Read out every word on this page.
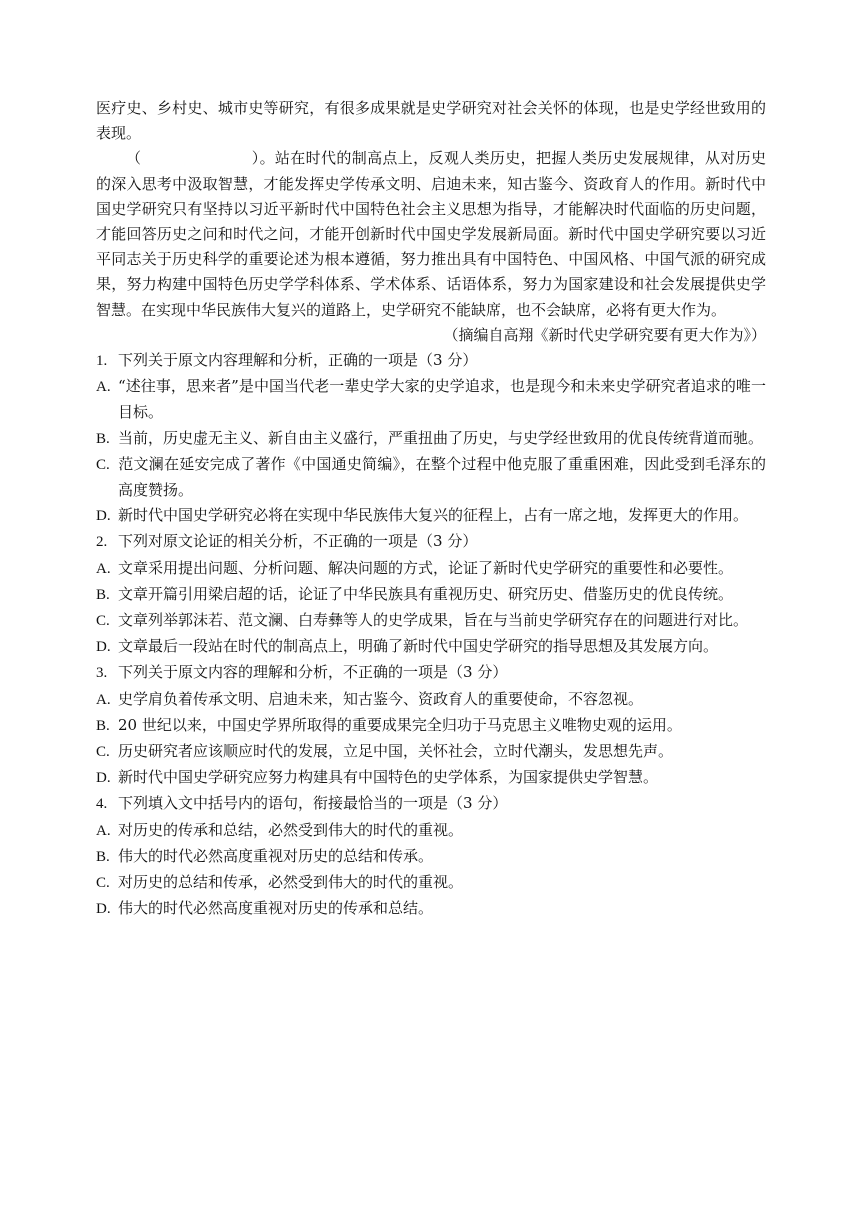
医疗史、乡村史、城市史等研究，有很多成果就是史学研究对社会关怀的体现，也是史学经世致用的表现。

（	）。站在时代的制高点上，反观人类历史，把握人类历史发展规律，从对历史的深入思考中汲取智慧，才能发挥史学传承文明、启迪未来，知古鉴今、资政育人的作用。新时代中国史学研究只有坚持以习近平新时代中国特色社会主义思想为指导，才能解决时代面临的历史问题，才能回答历史之问和时代之问，才能开创新时代中国史学发展新局面。新时代中国史学研究要以习近平同志关于历史科学的重要论述为根本遵循，努力推出具有中国特色、中国风格、中国气派的研究成果，努力构建中国特色历史学学科体系、学术体系、话语体系，努力为国家建设和社会发展提供史学智慧。在实现中华民族伟大复兴的道路上，史学研究不能缺席，也不会缺席，必将有更大作为。

（摘编自高翔《新时代史学研究要有更大作为》）

1. 下列关于原文内容理解和分析，正确的一项是（3 分）

A. “述往事，思来者”是中国当代老一辈史学大家的史学追求，也是现今和未来史学研究者追求的唯一目标。

B. 当前，历史虚无主义、新自由主义盛行，严重扭曲了历史，与史学经世致用的优良传统背道而驰。

C. 范文澜在延安完成了著作《中国通史简编》，在整个过程中他克服了重重困难，因此受到毛泽东的高度赞扬。

D. 新时代中国史学研究必将在实现中华民族伟大复兴的征程上，占有一席之地，发挥更大的作用。

2. 下列对原文论证的相关分析，不正确的一项是（3 分）

A. 文章采用提出问题、分析问题、解决问题的方式，论证了新时代史学研究的重要性和必要性。

B. 文章开篇引用梁启超的话，论证了中华民族具有重视历史、研究历史、借鉴历史的优良传统。

C. 文章列举郭沫若、范文澜、白寿彝等人的史学成果，旨在与当前史学研究存在的问题进行对比。

D. 文章最后一段站在时代的制高点上，明确了新时代中国史学研究的指导思想及其发展方向。

3. 下列关于原文内容的理解和分析，不正确的一项是（3 分）

A. 史学肩负着传承文明、启迪未来，知古鉴今、资政育人的重要使命，不容忽视。

B. 20 世纪以来，中国史学界所取得的重要成果完全归功于马克思主义唯物史观的运用。

C. 历史研究者应该顺应时代的发展，立足中国，关怀社会，立时代潮头，发思想先声。

D. 新时代中国史学研究应努力构建具有中国特色的史学体系，为国家提供史学智慧。

4. 下列填入文中括号内的语句，衔接最恰当的一项是（3 分）

A. 对历史的传承和总结，必然受到伟大的时代的重视。

B. 伟大的时代必然高度重视对历史的总结和传承。

C. 对历史的总结和传承，必然受到伟大的时代的重视。

D. 伟大的时代必然高度重视对历史的传承和总结。
